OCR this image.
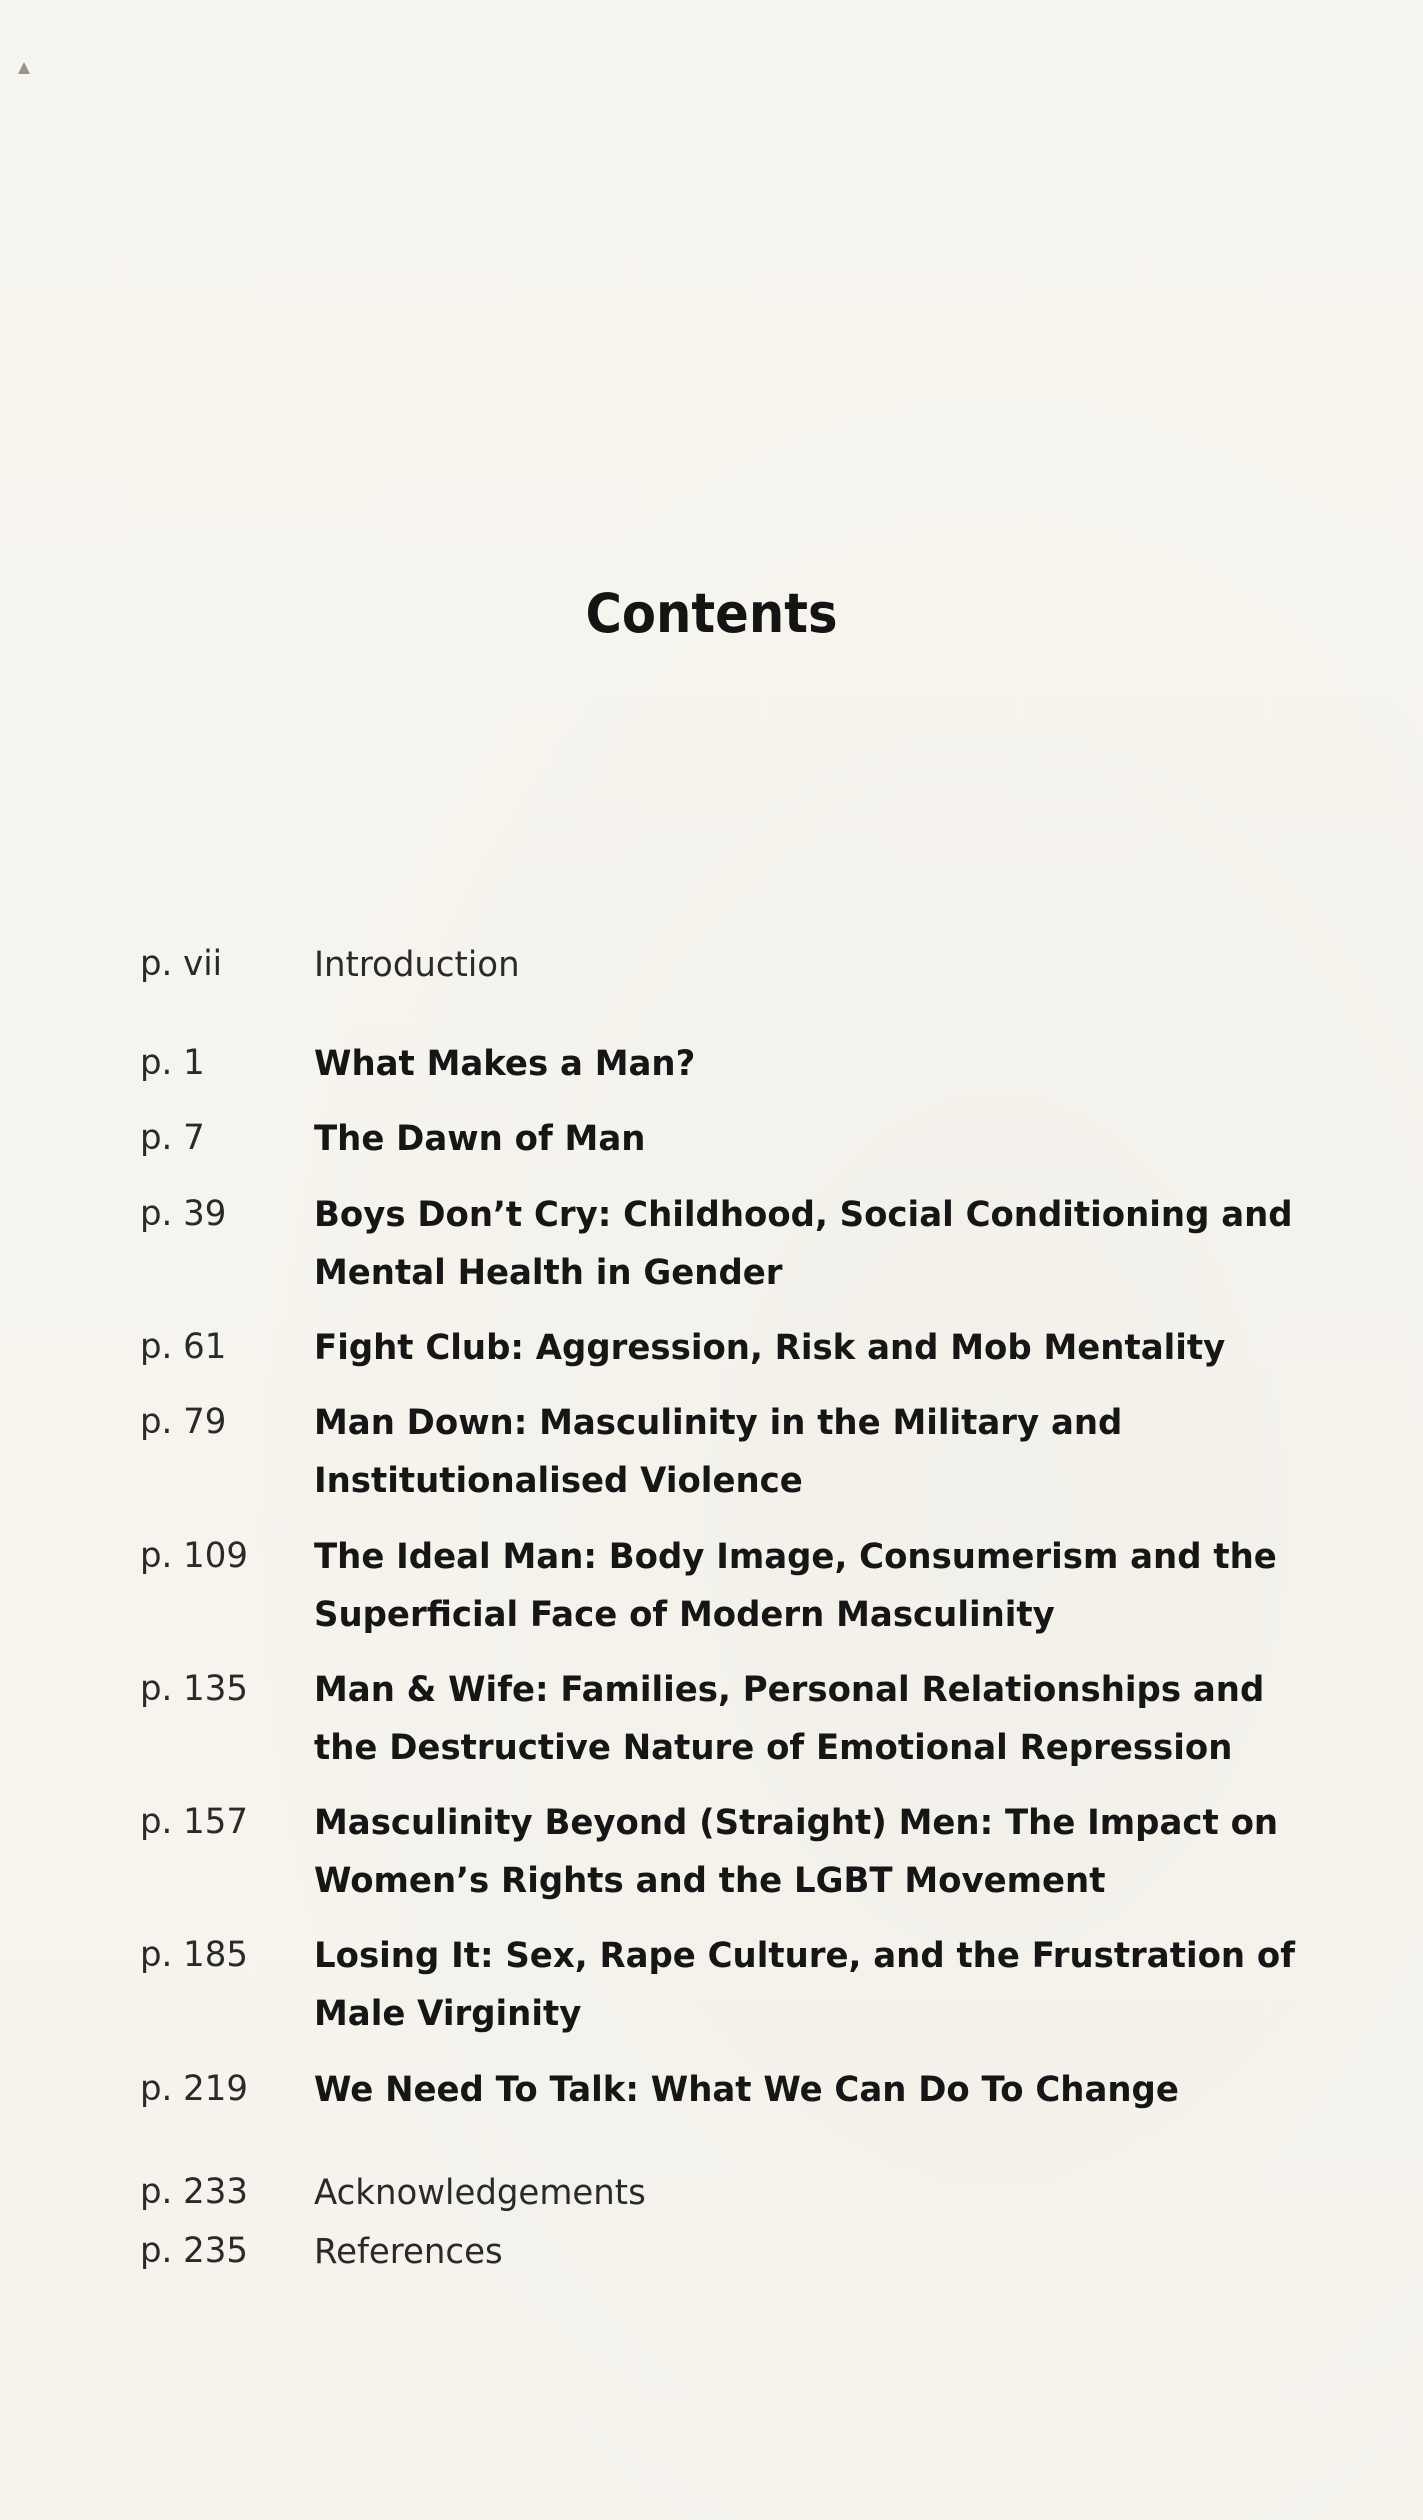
Contents
p. vii	Introduction
p. 1	What Makes a Man?
p. 7	The Dawn of Man
p. 39	Boys Don’t Cry: Childhood, Social Conditioning and
Mental Health in Gender
p. 61	Fight Club: Aggression, Risk and Mob Mentality
p. 79	Man Down: Masculinity in the Military and
Institutionalised Violence
p. 109 The Ideal Man: Body Image, Consumerism and the
Superficial Face of Modern Masculinity
p. 135 Man & Wife: Families, Personal Relationships and
the Destructive Nature of Emotional Repression
p. 157 Masculinity Beyond (Straight) Men: The Impact on
Women’s Rights and the LGBT Movement
p. 185 Losing It: Sex, Rape Culture, and the Frustration of
Male Virginity
p. 219 We Need To Talk: What We Can Do To Change
p. 233 Acknowledgements
p. 235 References
